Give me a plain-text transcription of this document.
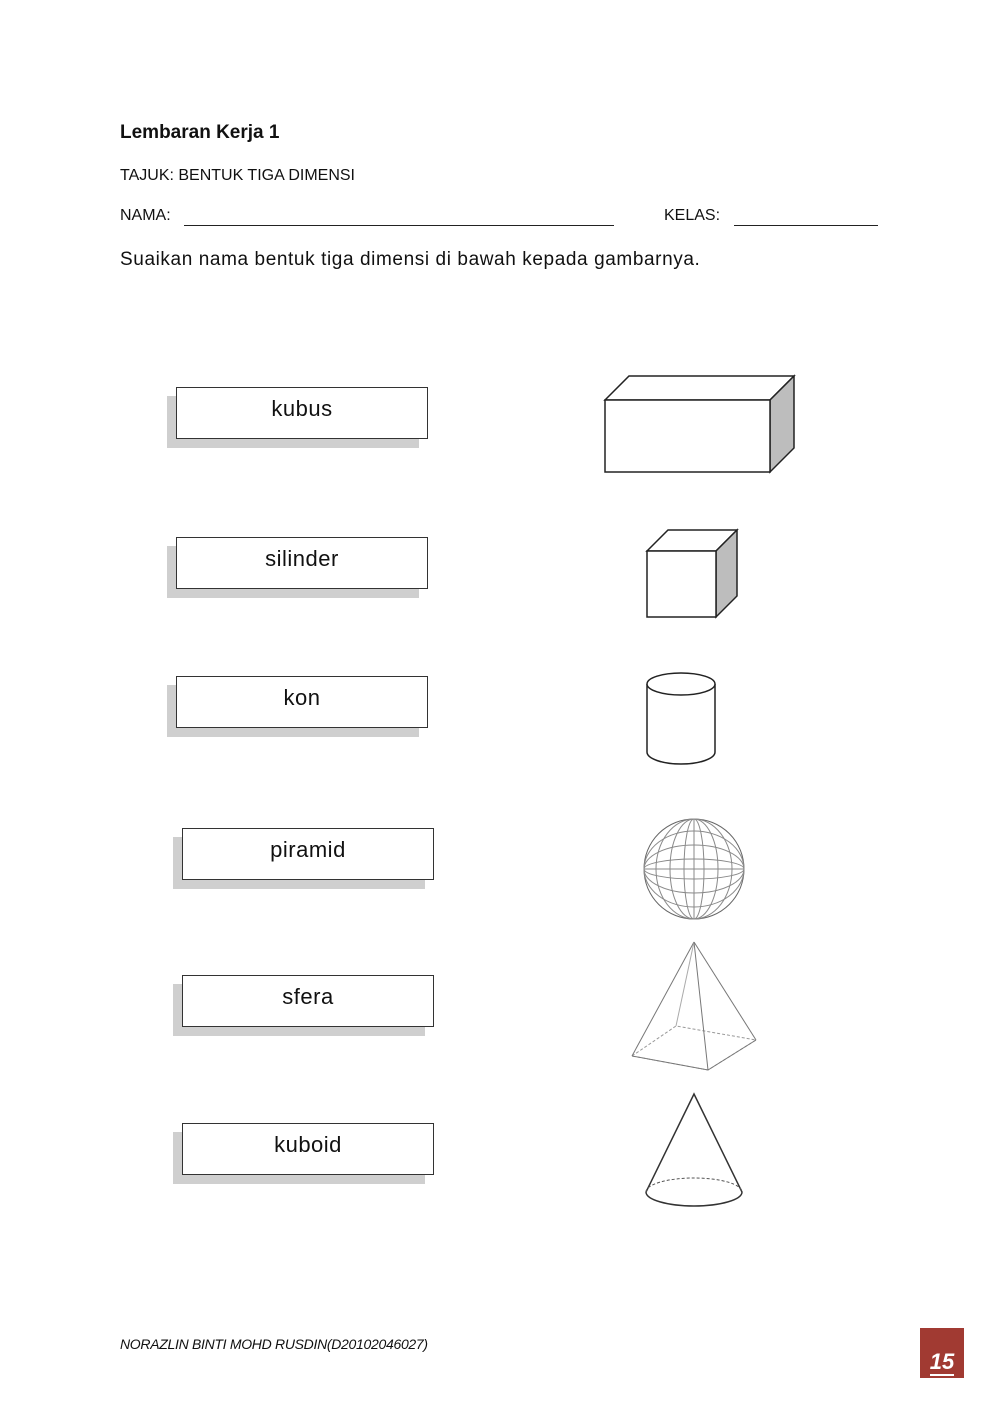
Lembaran Kerja 1
TAJUK: BENTUK TIGA DIMENSI
NAMA:	KELAS:
Suaikan nama bentuk tiga dimensi di bawah kepada gambarnya.
kubus
silinder
kon
piramid
sfera
kuboid
NORAZLIN BINTI MOHD RUSDIN(D20102046027)
15
